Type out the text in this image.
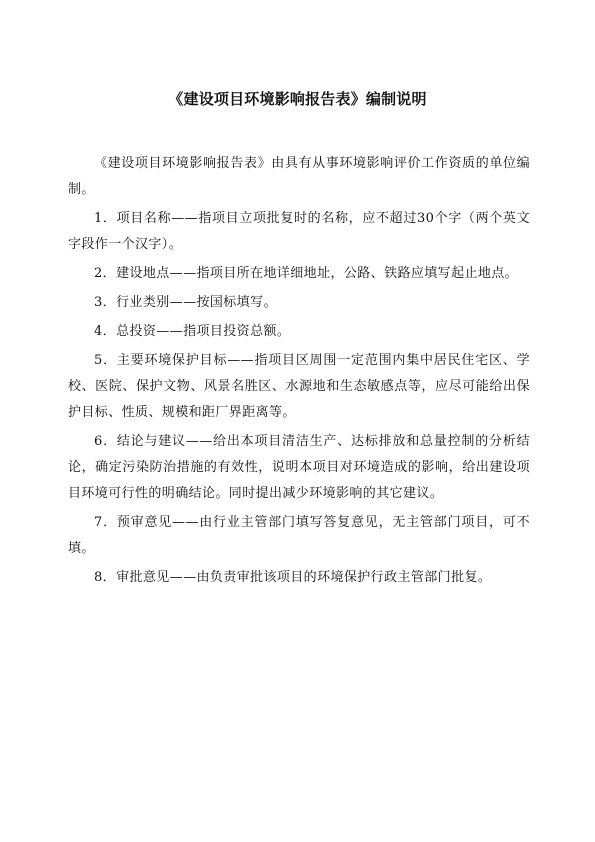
《建设项目环境影响报告表》编制说明

《建设项目环境影响报告表》由具有从事环境影响评价工作资质的单位编制。

1．项目名称——指项目立项批复时的名称，应不超过30个字（两个英文字段作一个汉字）。

2．建设地点——指项目所在地详细地址，公路、铁路应填写起止地点。

3．行业类别——按国标填写。

4．总投资——指项目投资总额。

5．主要环境保护目标——指项目区周围一定范围内集中居民住宅区、学校、医院、保护文物、风景名胜区、水源地和生态敏感点等，应尽可能给出保护目标、性质、规模和距厂界距离等。

6．结论与建议——给出本项目清洁生产、达标排放和总量控制的分析结论，确定污染防治措施的有效性，说明本项目对环境造成的影响，给出建设项目环境可行性的明确结论。同时提出减少环境影响的其它建议。

7．预审意见——由行业主管部门填写答复意见，无主管部门项目，可不填。

8．审批意见——由负责审批该项目的环境保护行政主管部门批复。
